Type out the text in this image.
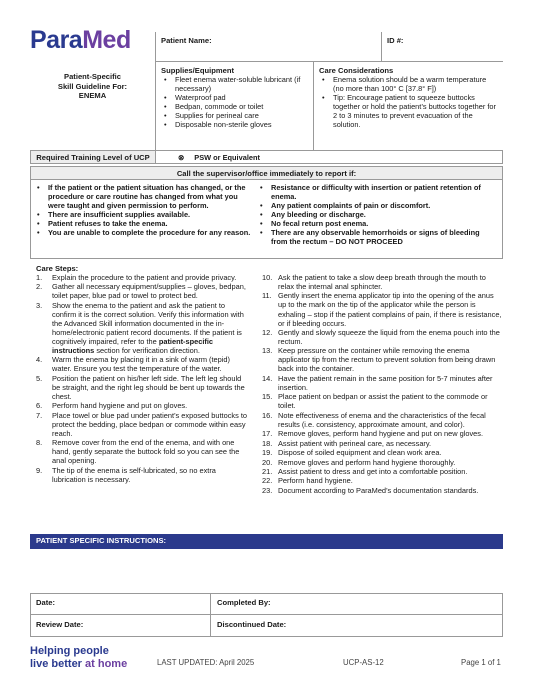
ParaMed	Patient Name:	ID #:
Patient-Specific
Skill Guideline For:
ENEMA
Supplies/Equipment
• Fleet enema water-soluble lubricant (if necessary)
• Waterproof pad
• Bedpan, commode or toilet
• Supplies for perineal care
• Disposable non-sterile gloves
Care Considerations
• Enema solution should be a warm temperature (no more than 100° C [37.8° F])
• Tip: Encourage patient to squeeze buttocks together or hold the patient’s buttocks together for 2 to 3 minutes to prevent evacuation of the solution.
Required Training Level of UCP	⊗ PSW or Equivalent
Call the supervisor/office immediately to report if:
• If the patient or the patient situation has changed, or the procedure or care routine has changed from what you were taught and given permission to perform.
• There are insufficient supplies available.
• Patient refuses to take the enema.
• You are unable to complete the procedure for any reason.
• Resistance or difficulty with insertion or patient retention of enema.
• Any patient complaints of pain or discomfort.
• Any bleeding or discharge.
• No fecal return post enema.
• There are any observable hemorrhoids or signs of bleeding from the rectum – DO NOT PROCEED
Care Steps:
1. Explain the procedure to the patient and provide privacy.
2. Gather all necessary equipment/supplies – gloves, bedpan, toilet paper, blue pad or towel to protect bed.
3. Show the enema to the patient and ask the patient to confirm it is the correct solution. Verify this information with the Advanced Skill information documented in the in-home/electronic patient record documents. If the patient is cognitively impaired, refer to the patient-specific instructions section for verification direction.
4. Warm the enema by placing it in a sink of warm (tepid) water. Ensure you test the temperature of the water.
5. Position the patient on his/her left side. The left leg should be straight, and the right leg should be bent up towards the chest.
6. Perform hand hygiene and put on gloves.
7. Place towel or blue pad under patient’s exposed buttocks to protect the bedding, place bedpan or commode within easy reach.
8. Remove cover from the end of the enema, and with one hand, gently separate the buttock fold so you can see the anal opening.
9. The tip of the enema is self-lubricated, so no extra lubrication is necessary.
10. Ask the patient to take a slow deep breath through the mouth to relax the internal anal sphincter.
11. Gently insert the enema applicator tip into the opening of the anus up to the mark on the tip of the applicator while the person is exhaling – stop if the patient complains of pain, if there is resistance, or if bleeding occurs.
12. Gently and slowly squeeze the liquid from the enema pouch into the rectum.
13. Keep pressure on the container while removing the enema applicator tip from the rectum to prevent solution from being drawn back into the container.
14. Have the patient remain in the same position for 5-7 minutes after insertion.
15. Place patient on bedpan or assist the patient to the commode or toilet.
16. Note effectiveness of enema and the characteristics of the fecal results (i.e. consistency, approximate amount, and color).
17. Remove gloves, perform hand hygiene and put on new gloves.
18. Assist patient with perineal care, as necessary.
19. Dispose of soiled equipment and clean work area.
20. Remove gloves and perform hand hygiene thoroughly.
21. Assist patient to dress and get into a comfortable position.
22. Perform hand hygiene.
23. Document according to ParaMed’s documentation standards.
PATIENT SPECIFIC INSTRUCTIONS:
Date:	Completed By:
Review Date:	Discontinued Date:
Helping people
live better at home	LAST UPDATED: April 2025	UCP-AS-12	Page 1 of 1
